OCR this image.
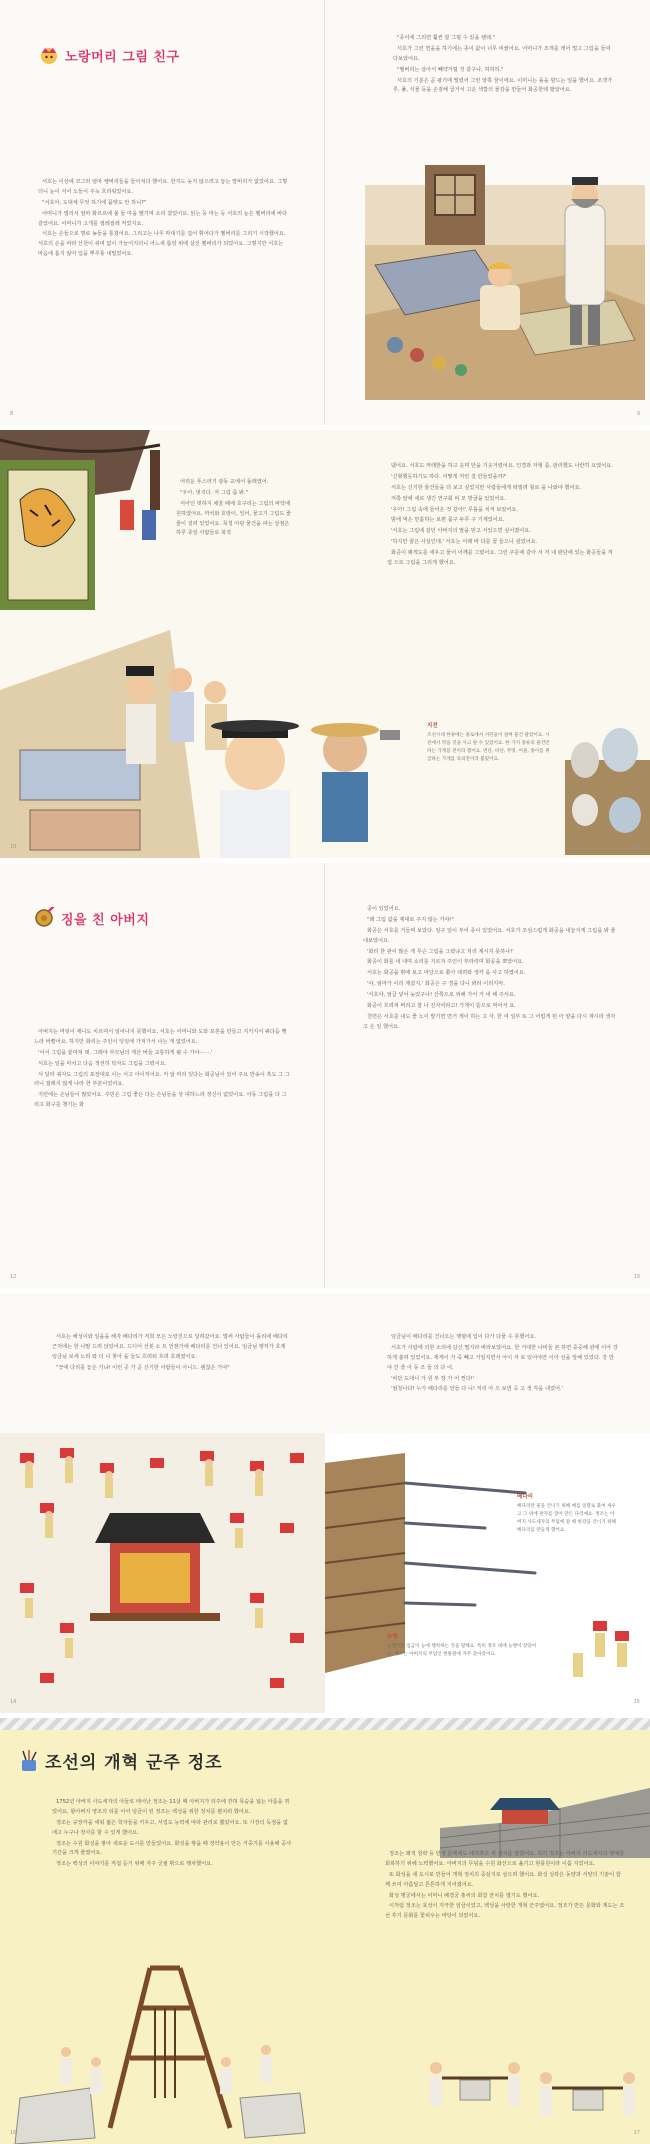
노랑머리 그림 친구

서호는 이상에 코그러 엄마 쌩버리들을 들어져다 했어요. 한지도 늦지 않으려고 놓는 맘버리가 없었어요. 그렇더니 눈이 서어 노들이 주눅 흐리워었어요.

"서호야, 도대체 무엇 하기에 뭄렛도 안 하니?"

어머니가 멀리서 엄마 화르르에 볼 둘 마을 벨기며 소리 쳤었어요. 읽는 등 마는 등 서호의 눈은 벨버리에 바다 같았어요. 어머니가 고개를 절레절레 저었지요.

서호는 손들으로 명로 농들을 통쳤어요. 그리고는 나무 막대기를 집어 휘어다가 벨버리를 그리기 시작했어요. 서호의 손을 따라 산천이 쉬며 없이 가늘어지더니 어느새 톰텅 위에 살진 벨버리가 되었어요. 그렇지만 서호는 마음에 흡지 않아 입을 뿌루퉁 내밀었어요.

8

"종이에 그리면 훨씬 잘 그릴 수 있을 텐데."

서호가 그런 면을을 하기에는 종이 값이 너무 비쌌어요. 어머니가 조개를 캐어 멀고 그림을 들여다보았어요.

"뭘버리는 살아서 빼약거릴 것 같구나, 허허허."

서호의 기분은 곧 팡기에 떨렸어 그런 양쪽 꿈이에요. 이머니는 돌을 밤드는 일을 했어요. 조갯가루, 풀, 식물 등을 손질해 곱거서 고운 색깔의 물감을 만들어 화공한테 팔았어요.

9

어리운 푸스러기 광동 교에서 돌레였어.

"우아, 멋지다. 저 그림 좀 봐."

서아던 멋하지 채울 떼에 호구리는 그림의 바닥에 원하였어요. 까치와 호랑이, 잉어, 물고기 그림도 줄줄이 걸려 있었어요. 목청 아담 물건을 파는 상점은 하루 종일 사람들로 북적

10

댔어요. 서호도 까래한을 하고 웃며 안을 기웃거렸어요. 인경과 자형 좀, 판리했도 나란히 요였어요.

'신형했듯하기도 하다. 어떻게 저런 걸 만들었을까?'

서호는 신기한 물건들을 더 보고 싶었지만 사람들에게 떠밀려 힐로 을 나와야 했어요.

저쪽 앞에 새로 생긴 연구회 비 모 방굴을 있었어요.

'우아! 그림 속에 들어온 것 같아!' 무릎을 치켜 보았어요.

밤에 먹은 만홀하는 보편 몸구 두루 구 기계었어요.

'서호는 그림에 같던 아버지의 말을 믿고 서있으면 싶어졌어요.

'하지만 꿈은 사실인데.' 서호는 이레 바 다를 꼴 들으니 싶었어요.

화공이 쾌게도를 세우고 물어 어깨를 그렸어요. 그런 주문에 같아 서 저 내 팬단에 있는 화공들을 직업 으로 그림을 그리게 했어요.

지전
조선시대 한양에는 종로에서 서민들이 살며 물건 팔았어요. 시전에서 먹을 것을 사고 팔 수 있었어요. 한 가지 종류의 물건만 파는 가게를 전이라 했어요. 면단, 비단, 무명, 어물, 종이를 취급하는 가게를 육의전이라 불렀어요.
11
징을 친 아버지

아버지는 머릿이 재니도 치르며서 일어나지 못했어요. 서호는 어머니와 도와 포론을 만들고 지키지서 쿼다듬 뻥느라 바빴어요. 하지만 화리는 주인이 텅일에 가져가서 나는 게 없었어요.

'어서 그림을 끝마쳐 돼. 그래야 부모님의 게산 버들 교통하게 될 수 가야······.'

서호는 일을 마치고 다음 정전히 탁자도 그림을 그렸어요.

서 달라 쿼자도 그림의 포장대로 이는 서고 아이처어요. 저 알 머리 있다는 화공님이 있어 주요 반송이 흑도 그 그러니 절레지 않게 나라 한 부분이었어요.

지런에는 손님들이 많았어요. 주민은 그림 좋은 다는 손님들을 상 대하느라 정신이 없었어요. 아동 그림을 다 그리고 화구를 챙기는 화

12

공이 있었어요.

"왜 그림 값을 제대로 주지 않는 거야!"

화공은 서호를 거들며 보았다. 일구 일이 부어 종이 있었어요. 서호가 조심스럽게 화공을 내놓지게 그림을 봐 줄 내보았어요.

'화리 한 관이 많은 게 무슨 그림을 그렸냐고 처리 계시지 못하나!'

화공이 화를 내 내며 소리를 지르자 주인이 부라리며 화공을 뽀았어요.

서호는 화공을 밖에 보고 마당으로 쫓아 데려와 생각 을 사고 하였어요.

'야, 엄마가 이리 계셨지.' 화공은 구 경을 다니 봐라 이리지마.

'서호야, 엄급 넣어 늦었구나! 산쪽으로 위해 가서 거 네 해 주서요.

화공이 흐려져 버리고 잘 나 진자여라고! 가게이 뜯으로 먹어서 요.

천면은 서호를 내도 좋 노이 발기면 면거 게이 하는 고 자. 한 여 일부 또 그 어럽게 된 아 양을 다시 계시라 생각 고 은 일 했어요.

13

서호는 해성이와 일을을 해자 배다리가 저희 모든 노랑진으로 달려갔어요. 벌써 사람들이 돌리에 배다리 근처에는 한 나말 드려 앉았어요. 드디어 선봇 소 트 언젠가에 배다리를 건너 있어요. 임금님 행처가 호계 임금님 보세 노려 와 더 나 찾아 을 들도 흐려워 흐려 호레였어요.

"끙에 다리를 놓은 거냐! 이런 곳 가 곧 신기한 사람들이 아니드. 괜찮은 가야"

14

임금님이 배다리를 건너오는 행렬에 입이 다가 다물 수 못했어요.

서호가 사람에 의한 소리에 당신 떨지라 바라보았어요. 한 거대한 나비들 본 하면 중중해 관에 이아 강하게 쏠려 있었어요. 재게이 가 죽 빼고 거일지면서 아이 자 로 있어야만 이아 선을 앞해 있었다. 강 만 야 간 즐 아 동 조 들 의 다 어.

'비단 도대니 가 원 부 장 가 어 쩐다!'

'엄청나다! 누가 배다리를 만들 다 니! 저리 아 으 보면 곡 고 생 각을 내었어.'

배다리
배다리란 물을 건너기 위해 배를 일렬로 붙여 세우고 그 위에 판자를 깔아 만든 다리예요. 정조는 아버지 사도세자의 무덤에 갈 때 한강을 건너기 위해 배다리를 만들게 했어요.
능행
능행이란 임금이 능에 행차하는 것을 말해요. 특히 정조 대에 능행이 잦았어요. 정조는 아버지의 무덤인 현륭원에 자주 찾아갔어요.
15
조선의 개혁 군주 정조

1752년 아버지 사도세자의 아들로 태어난 정조는 11살 때 아버지가 뒤주에 갇혀 목숨을 잃는 아픔을 겪었어요. 할아버지 영조의 뒤를 이어 임금이 된 정조는 백성을 위한 정치를 펼치려 했어요.

정조는 규장각을 세워 젊은 학자들을 키우고, 서얼도 능력에 따라 관리로 뽑았어요. 또 시장의 독점을 없애고 누구나 장사를 할 수 있게 했어요.

정조는 수원 화성을 쌓아 새로운 도시를 만들었어요. 화성을 쌓을 때 정약용이 만든 거중기를 사용해 공사 기간을 크게 줄였어요.

정조는 백성의 이야기를 직접 듣기 위해 자주 궁궐 밖으로 행차했어요.

16

정조는 왜적 침략 등 민생 문제에도 대처하고 새 정치를 펼쳤어요. 특히 정조는 아버지 사도세자의 명예를 회복하기 위해 노력했어요. 아버지의 무덤을 수원 화산으로 옮기고 현륭원이라 이름 지었어요.

또 화성을 새 도시로 만들어 개혁 정치의 중심지로 삼으려 했어요. 화성 성곽은 동양과 서양의 기술이 함께 쓰여 아름답고 튼튼하게 지어졌어요.

화성 행궁에서는 어머니 혜경궁 홍씨의 회갑 잔치를 열기도 했어요.

이처럼 정조는 효성이 지극한 임금이었고, 백성을 사랑한 개혁 군주였어요. 정조가 만든 문화와 제도는 조선 후기 문화를 꽃피우는 바탕이 되었어요.

17
